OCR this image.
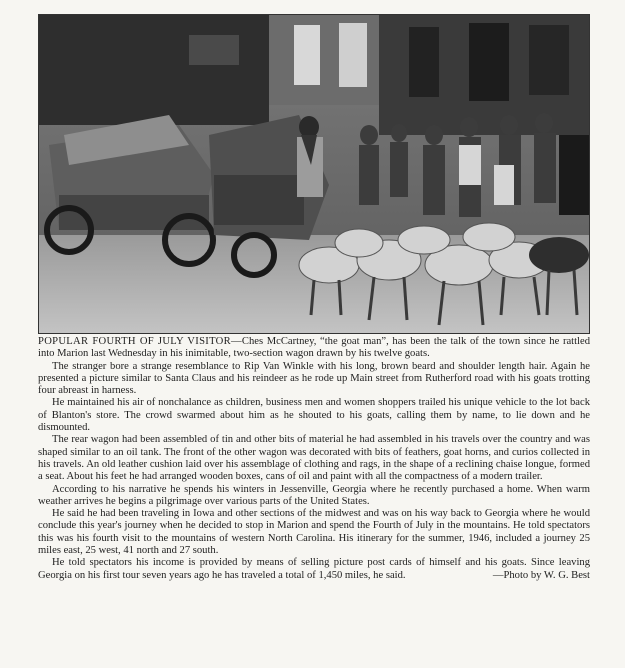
POPULAR FOURTH OF JULY VISITOR—Ches McCartney, “the goat man”, has been the talk of the town since he rattled into Marion last Wednesday in his inimitable, two-section wagon drawn by his twelve goats.

The stranger bore a strange resemblance to Rip Van Winkle with his long, brown beard and shoulder length hair. Again he presented a picture similar to Santa Claus and his reindeer as he rode up Main street from Rutherford road with his goats trotting four abreast in harness.

He maintained his air of nonchalance as children, business men and women shoppers trailed his unique vehicle to the lot back of Blanton's store. The crowd swarmed about him as he shouted to his goats, calling them by name, to lie down and he dismounted.

The rear wagon had been assembled of tin and other bits of material he had assembled in his travels over the country and was shaped similar to an oil tank. The front of the other wagon was decorated with bits of feathers, goat horns, and curios collected in his travels. An old leather cushion laid over his assemblage of clothing and rags, in the shape of a reclining chaise longue, formed a seat. About his feet he had arranged wooden boxes, cans of oil and paint with all the compactness of a modern trailer.

According to his narrative he spends his winters in Jessenville, Georgia where he recently purchased a home. When warm weather arrives he begins a pilgrimage over various parts of the United States.

He said he had been traveling in Iowa and other sections of the midwest and was on his way back to Georgia where he would conclude this year's journey when he decided to stop in Marion and spend the Fourth of July in the mountains. He told spectators this was his fourth visit to the mountains of western North Carolina. His itinerary for the summer, 1946, included a journey 25 miles east, 25 west, 41 north and 27 south.

He told spectators his income is provided by means of selling picture post cards of himself and his goats. Since leaving Georgia on his first tour seven years ago he has traveled a total of 1,450 miles, he said.	—Photo by W. G. Best
